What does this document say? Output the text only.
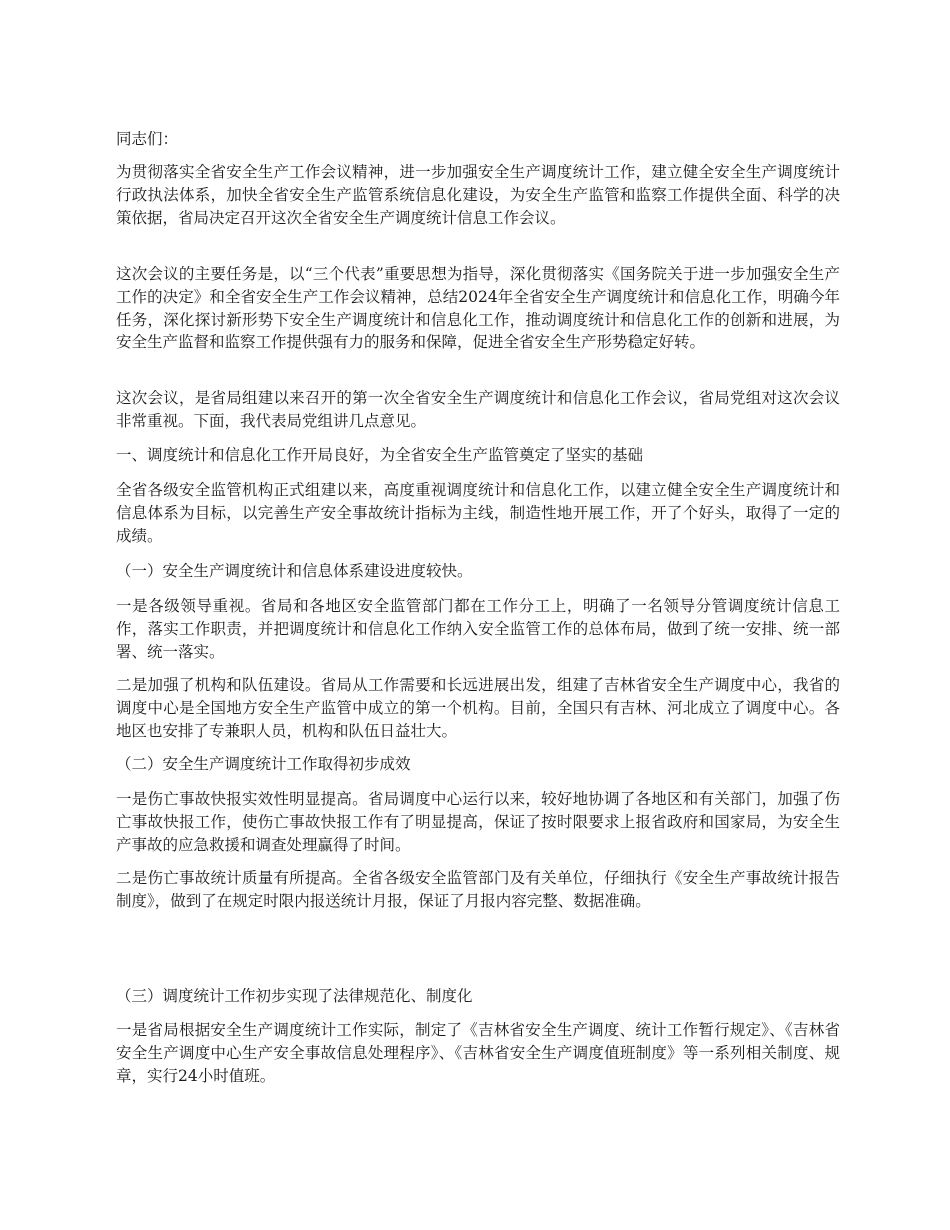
同志们：

为贯彻落实全省安全生产工作会议精神，进一步加强安全生产调度统计工作，建立健全安全生产调度统计行政执法体系，加快全省安全生产监管系统信息化建设，为安全生产监管和监察工作提供全面、科学的决策依据，省局决定召开这次全省安全生产调度统计信息工作会议。

这次会议的主要任务是，以“三个代表”重要思想为指导，深化贯彻落实《国务院关于进一步加强安全生产工作的决定》和全省安全生产工作会议精神，总结2024年全省安全生产调度统计和信息化工作，明确今年任务，深化探讨新形势下安全生产调度统计和信息化工作，推动调度统计和信息化工作的创新和进展，为安全生产监督和监察工作提供强有力的服务和保障，促进全省安全生产形势稳定好转。

这次会议，是省局组建以来召开的第一次全省安全生产调度统计和信息化工作会议，省局党组对这次会议非常重视。下面，我代表局党组讲几点意见。

一、调度统计和信息化工作开局良好，为全省安全生产监管奠定了坚实的基础

全省各级安全监管机构正式组建以来，高度重视调度统计和信息化工作，以建立健全安全生产调度统计和信息体系为目标，以完善生产安全事故统计指标为主线，制造性地开展工作，开了个好头，取得了一定的成绩。

（一）安全生产调度统计和信息体系建设进度较快。

一是各级领导重视。省局和各地区安全监管部门都在工作分工上，明确了一名领导分管调度统计信息工作，落实工作职责，并把调度统计和信息化工作纳入安全监管工作的总体布局，做到了统一安排、统一部署、统一落实。

二是加强了机构和队伍建设。省局从工作需要和长远进展出发，组建了吉林省安全生产调度中心，我省的调度中心是全国地方安全生产监管中成立的第一个机构。目前，全国只有吉林、河北成立了调度中心。各地区也安排了专兼职人员，机构和队伍日益壮大。

（二）安全生产调度统计工作取得初步成效

一是伤亡事故快报实效性明显提高。省局调度中心运行以来，较好地协调了各地区和有关部门，加强了伤亡事故快报工作，使伤亡事故快报工作有了明显提高，保证了按时限要求上报省政府和国家局，为安全生产事故的应急救援和调查处理赢得了时间。

二是伤亡事故统计质量有所提高。全省各级安全监管部门及有关单位，仔细执行《安全生产事故统计报告制度》，做到了在规定时限内报送统计月报，保证了月报内容完整、数据准确。

（三）调度统计工作初步实现了法律规范化、制度化

一是省局根据安全生产调度统计工作实际，制定了《吉林省安全生产调度、统计工作暂行规定》、《吉林省安全生产调度中心生产安全事故信息处理程序》、《吉林省安全生产调度值班制度》等一系列相关制度、规章，实行24小时值班。
